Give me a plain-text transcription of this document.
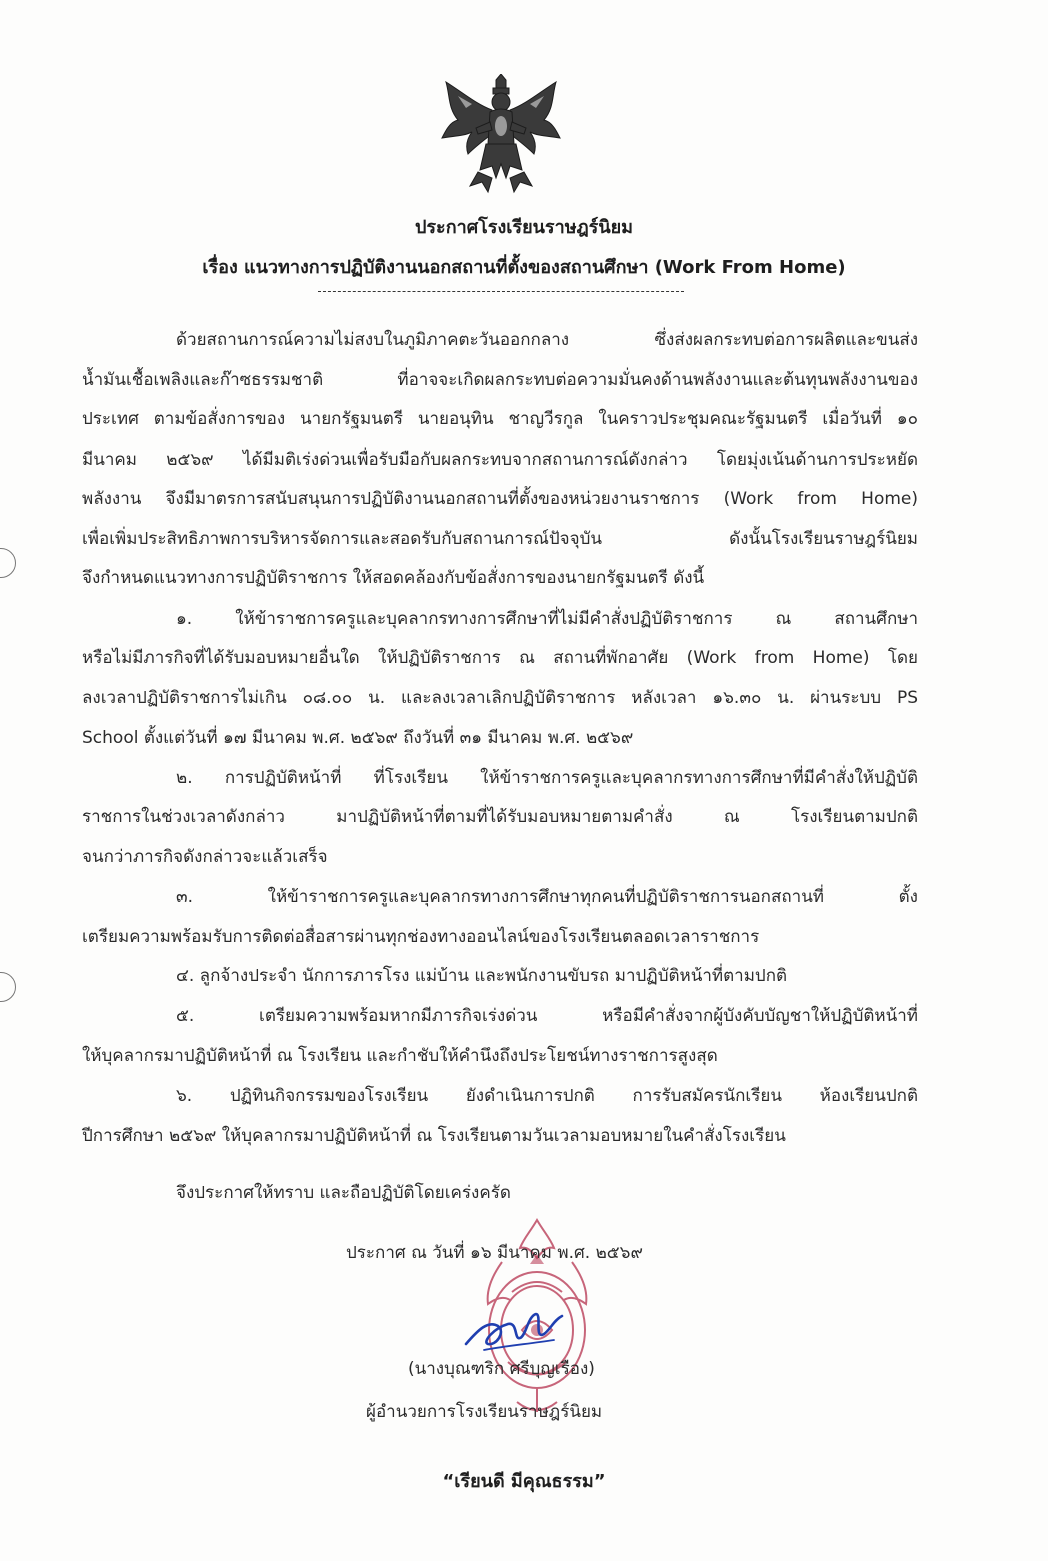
ประกาศโรงเรียนราษฎร์นิยม
เรื่อง แนวทางการปฏิบัติงานนอกสถานที่ตั้งของสถานศึกษา (Work From Home)
ด้วยสถานการณ์ความไม่สงบในภูมิภาคตะวันออกกลาง ซึ่งส่งผลกระทบต่อการผลิตและขนส่ง
น้ำมันเชื้อเพลิงและก๊าซธรรมชาติ ที่อาจจะเกิดผลกระทบต่อความมั่นคงด้านพลังงานและต้นทุนพลังงานของ
ประเทศ ตามข้อสั่งการของ นายกรัฐมนตรี นายอนุทิน ชาญวีรกูล ในคราวประชุมคณะรัฐมนตรี เมื่อวันที่ ๑๐
มีนาคม ๒๕๖๙ ได้มีมติเร่งด่วนเพื่อรับมือกับผลกระทบจากสถานการณ์ดังกล่าว โดยมุ่งเน้นด้านการประหยัด
พลังงาน จึงมีมาตรการสนับสนุนการปฏิบัติงานนอกสถานที่ตั้งของหน่วยงานราชการ (Work from Home)
เพื่อเพิ่มประสิทธิภาพการบริหารจัดการและสอดรับกับสถานการณ์ปัจจุบัน ดังนั้นโรงเรียนราษฎร์นิยม
จึงกำหนดแนวทางการปฏิบัติราชการ ให้สอดคล้องกับข้อสั่งการของนายกรัฐมนตรี ดังนี้
๑. ให้ข้าราชการครูและบุคลากรทางการศึกษาที่ไม่มีคำสั่งปฏิบัติราชการ ณ สถานศึกษา
หรือไม่มีภารกิจที่ได้รับมอบหมายอื่นใด ให้ปฏิบัติราชการ ณ สถานที่พักอาศัย (Work from Home) โดย
ลงเวลาปฏิบัติราชการไม่เกิน ๐๘.๐๐ น. และลงเวลาเลิกปฏิบัติราชการ หลังเวลา ๑๖.๓๐ น. ผ่านระบบ PS
School ตั้งแต่วันที่ ๑๗ มีนาคม พ.ศ. ๒๕๖๙ ถึงวันที่ ๓๑ มีนาคม พ.ศ. ๒๕๖๙
๒. การปฏิบัติหน้าที่ ที่โรงเรียน ให้ข้าราชการครูและบุคลากรทางการศึกษาที่มีคำสั่งให้ปฏิบัติ
ราชการในช่วงเวลาดังกล่าว มาปฏิบัติหน้าที่ตามที่ได้รับมอบหมายตามคำสั่ง ณ โรงเรียนตามปกติ
จนกว่าภารกิจดังกล่าวจะแล้วเสร็จ
๓. ให้ข้าราชการครูและบุคลากรทางการศึกษาทุกคนที่ปฏิบัติราชการนอกสถานที่ ตั้ง
เตรียมความพร้อมรับการติดต่อสื่อสารผ่านทุกช่องทางออนไลน์ของโรงเรียนตลอดเวลาราชการ
๔. ลูกจ้างประจำ นักการภารโรง แม่บ้าน และพนักงานขับรถ มาปฏิบัติหน้าที่ตามปกติ
๕. เตรียมความพร้อมหากมีภารกิจเร่งด่วน หรือมีคำสั่งจากผู้บังคับบัญชาให้ปฏิบัติหน้าที่
ให้บุคลากรมาปฏิบัติหน้าที่ ณ โรงเรียน และกำชับให้คำนึงถึงประโยชน์ทางราชการสูงสุด
๖. ปฏิทินกิจกรรมของโรงเรียน ยังดำเนินการปกติ การรับสมัครนักเรียน ห้องเรียนปกติ
ปีการศึกษา ๒๕๖๙ ให้บุคลากรมาปฏิบัติหน้าที่ ณ โรงเรียนตามวันเวลามอบหมายในคำสั่งโรงเรียน
จึงประกาศให้ทราบ และถือปฏิบัติโดยเคร่งครัด
ประกาศ ณ วันที่ ๑๖ มีนาคม พ.ศ. ๒๕๖๙
(นางบุณฑริก ศรีบุญเรือง)
ผู้อำนวยการโรงเรียนราษฎร์นิยม
“เรียนดี มีคุณธรรม”
